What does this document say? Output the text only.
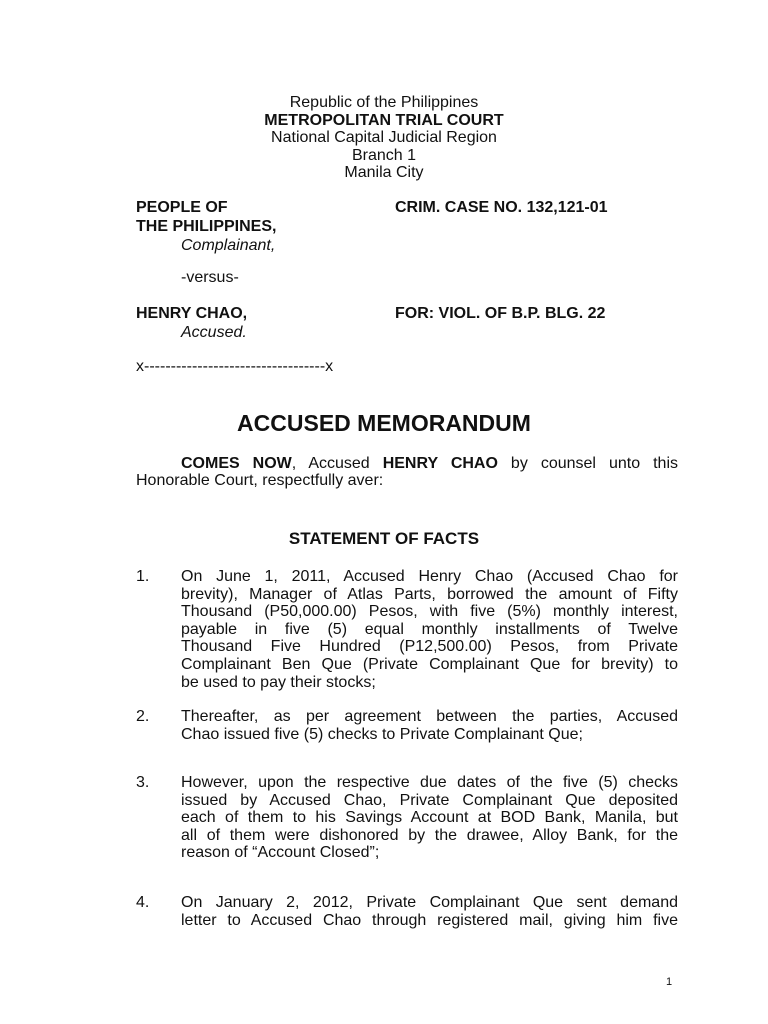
Republic of the Philippines
METROPOLITAN TRIAL COURT
National Capital Judicial Region
Branch 1
Manila City
PEOPLE OF
THE PHILIPPINES,
Complainant,
CRIM. CASE NO. 132,121-01
-versus-
HENRY CHAO,
Accused.
FOR: VIOL. OF B.P. BLG. 22
x----------------------------------x
ACCUSED MEMORANDUM
COMES NOW, Accused HENRY CHAO by counsel unto this
Honorable Court, respectfully aver:
STATEMENT OF FACTS
1. On June 1, 2011, Accused Henry Chao (Accused Chao for
brevity), Manager of Atlas Parts, borrowed the amount of Fifty
Thousand (P50,000.00) Pesos, with five (5%) monthly interest,
payable in five (5) equal monthly installments of Twelve
Thousand Five Hundred (P12,500.00) Pesos, from Private
Complainant Ben Que (Private Complainant Que for brevity) to
be used to pay their stocks;
2. Thereafter, as per agreement between the parties, Accused
Chao issued five (5) checks to Private Complainant Que;
3. However, upon the respective due dates of the five (5) checks
issued by Accused Chao, Private Complainant Que deposited
each of them to his Savings Account at BOD Bank, Manila, but
all of them were dishonored by the drawee, Alloy Bank, for the
reason of “Account Closed”;
4. On January 2, 2012, Private Complainant Que sent demand
letter to Accused Chao through registered mail, giving him five
1
